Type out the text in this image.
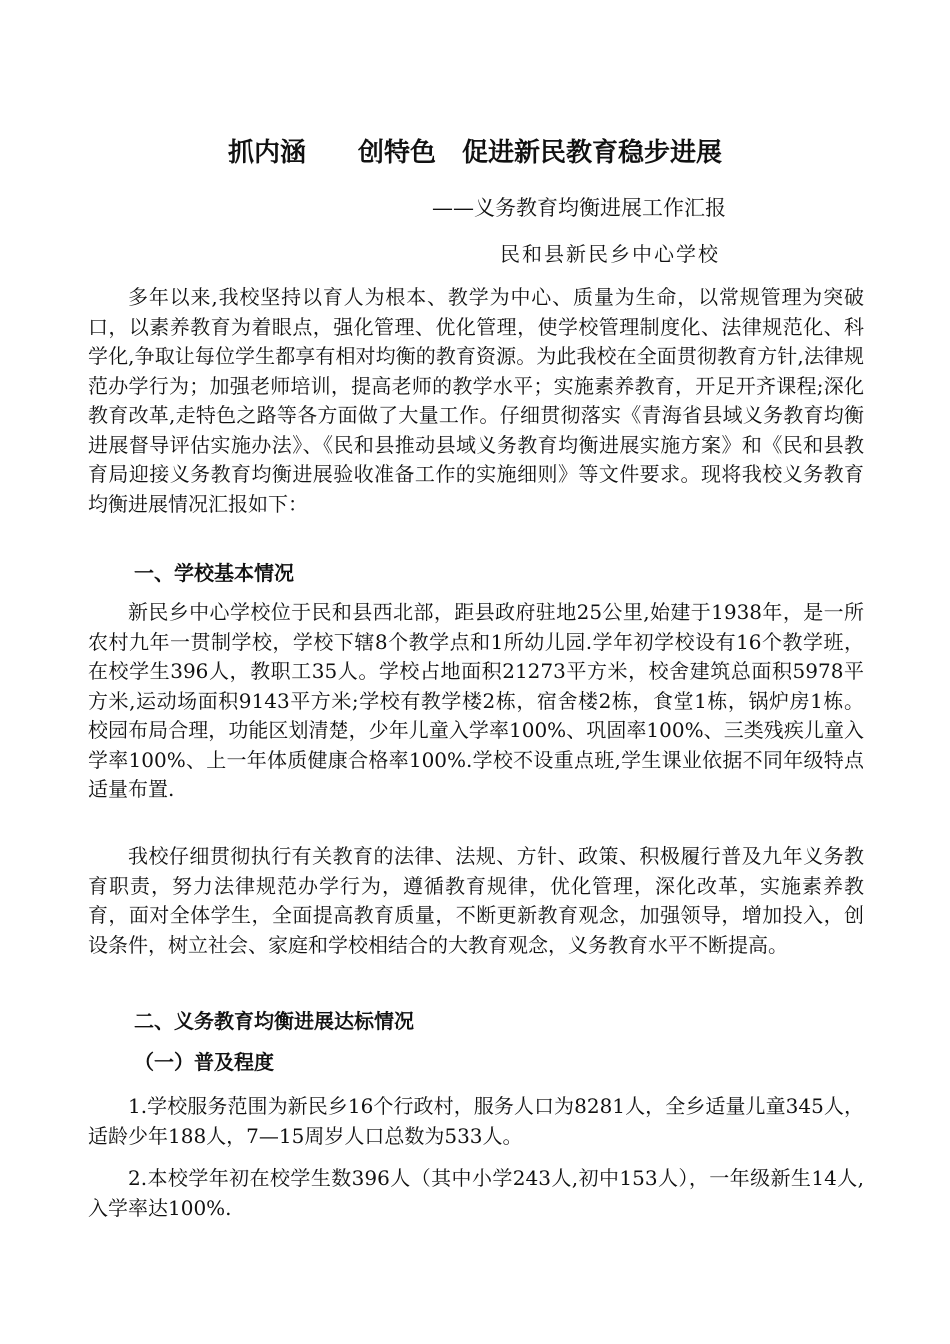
抓内涵　　创特色　促进新民教育稳步进展
——义务教育均衡进展工作汇报
民和县新民乡中心学校

多年以来,我校坚持以育人为根本、教学为中心、质量为生命，以常规管理为突破口，以素养教育为着眼点，强化管理、优化管理，使学校管理制度化、法律规范化、科学化,争取让每位学生都享有相对均衡的教育资源。为此我校在全面贯彻教育方针,法律规范办学行为；加强老师培训，提高老师的教学水平；实施素养教育，开足开齐课程;深化教育改革,走特色之路等各方面做了大量工作。仔细贯彻落实《青海省县域义务教育均衡进展督导评估实施办法》、《民和县推动县域义务教育均衡进展实施方案》和《民和县教育局迎接义务教育均衡进展验收准备工作的实施细则》等文件要求。现将我校义务教育均衡进展情况汇报如下：

一、学校基本情况

新民乡中心学校位于民和县西北部，距县政府驻地25公里,始建于1938年，是一所农村九年一贯制学校，学校下辖8个教学点和1所幼儿园.学年初学校设有16个教学班，在校学生396人，教职工35人。学校占地面积21273平方米，校舍建筑总面积5978平方米,运动场面积9143平方米;学校有教学楼2栋，宿舍楼2栋，食堂1栋，锅炉房1栋。 校园布局合理，功能区划清楚，少年儿童入学率100%、巩固率100%、三类残疾儿童入学率100%、上一年体质健康合格率100%.学校不设重点班,学生课业依据不同年级特点适量布置.

我校仔细贯彻执行有关教育的法律、法规、方针、政策、积极履行普及九年义务教育职责，努力法律规范办学行为，遵循教育规律，优化管理，深化改革，实施素养教育，面对全体学生，全面提高教育质量，不断更新教育观念，加强领导，增加投入，创设条件，树立社会、家庭和学校相结合的大教育观念，义务教育水平不断提高。

二、义务教育均衡进展达标情况
（一）普及程度

1.学校服务范围为新民乡16个行政村，服务人口为8281人，全乡适量儿童345人，适龄少年188人，7—15周岁人口总数为533人。

2.本校学年初在校学生数396人（其中小学243人,初中153人），一年级新生14人,入学率达100%.
